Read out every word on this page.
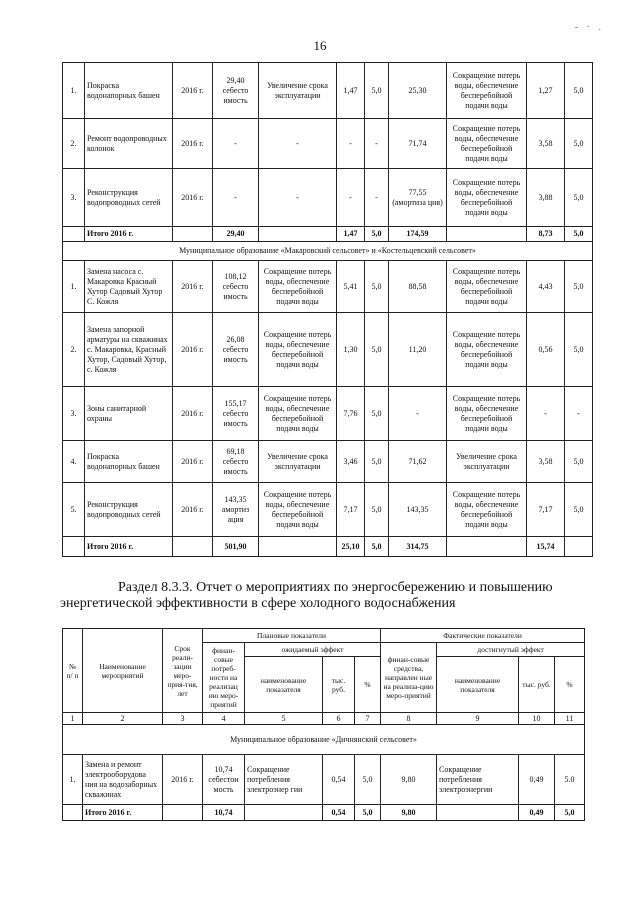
- · .
16
1.	Покраска водонапорных башен	2016 г.	29,40 себесто имость	Увеличение срока эксплуатации	1,47	5,0	25,30	Сокращение потерь воды, обеспечение бесперебойной подачи воды	1,27	5,0
2.	Ремонт водопроводных колонок	2016 г.	-	-	-	-	71,74	Сокращение потерь воды, обеспечение бесперебойной подачи воды	3,58	5,0
3.	Реконструкция водопроводных сетей	2016 г.	-	-	-	-	77,55 (амортиза ция)	Сокращение потерь воды, обеспечение бесперебойной подачи воды	3,88	5,0
	Итого 2016 г.		29,40		1,47	5,0	174,59		8,73	5,0
Муниципальное образование «Макаровский сельсовет» и «Костельцевский сельсовет»										
1.	Замена насоса с. Макаровка Красный Хутор Садовый Хутор С. Кожля	2016 г.	108,12 себесто имость	Сокращение потерь воды, обеспечение бесперебойной подачи воды	5,41	5,0	88,58	Сокращение потерь воды, обеспечение бесперебойной подачи воды	4,43	5,0
2.	Замена запорной арматуры на скважинах с. Макаровка, Красный Хутор, Садовый Хутор, с. Кожля	2016 г.	26,08 себесто имость	Сокращение потерь воды, обеспечение бесперебойной подачи воды	1,30	5,0	11,20	Сокращение потерь воды, обеспечение бесперебойной подачи воды	0,56	5,0
3.	Зоны санитарной охраны	2016 г.	155,17 себесто имость	Сокращение потерь воды, обеспечение бесперебойной подачи воды	7,76	5,0	-	Сокращение потерь воды, обеспечение бесперебойной подачи воды	-	-
4.	Покраска водонапорных башен	2016 г.	69,18 себесто имость	Увеличение срока эксплуатации	3,46	5,0	71,62	Увеличение срока эксплуатации	3,58	5,0
5.	Реконструкция водопроводных сетей	2016 г.	143,35 амортиз ация	Сокращение потерь воды, обеспечение бесперебойной подачи воды	7,17	5,0	143,35	Сокращение потерь воды, обеспечение бесперебойной подачи воды	7,17	5,0
	Итого 2016 г.		501,90		25,10	5,0	314,75		15,74	
Раздел 8.3.3. Отчет о мероприятиях по энергосбережению и повышению
энергетической эффективности в сфере холодного водоснабжения
№ п/ п	Наименование мероприятий	Срок реали-зации меро-прия-тия, лет	Плановые показатели				Фактические показатели			
			финан-совые потреб-ности на реализац ию меро-приятий	ожидаемый эффект			финан-совые средства, направлен ные на реализа-цию меро-приятий	достигнутый эффект		
				наименование показателя	тыс. руб.	%		наименование показателя	тыс. руб.	%
1	2	3	4	5	6	7	8	9	10	11
Муниципальное образование «Дичнянский сельсовет»										
1.	Замена и ремонт электрооборудова ния на водозаборных скважинах	2016 г.	10,74 себестои мость	Сокращение потребления электроэнер гии	0,54	5,0	9,80	Сокращение потребления электроэнергии	0,49	5.0
	Итого 2016 г.		10,74		0,54	5,0	9,80		0,49	5,0
